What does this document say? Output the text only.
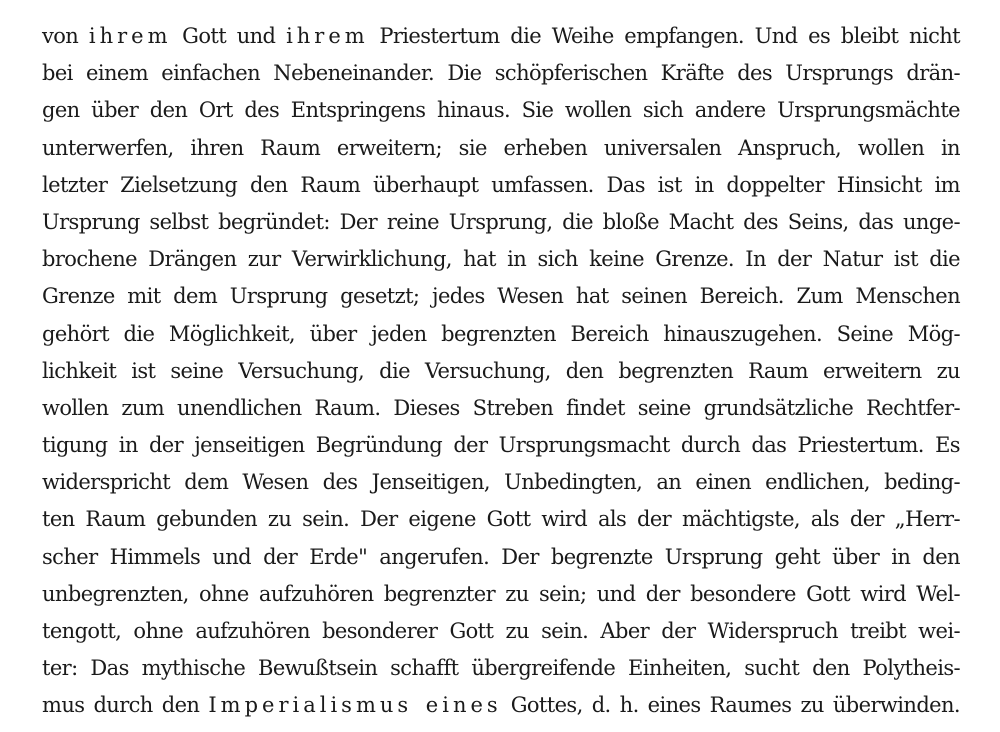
von ihrem Gott und ihrem Priestertum die Weihe empfangen. Und es bleibt nicht
bei einem einfachen Nebeneinander. Die schöpferischen Kräfte des Ursprungs drän-
gen über den Ort des Entspringens hinaus. Sie wollen sich andere Ursprungsmächte
unterwerfen, ihren Raum erweitern; sie erheben universalen Anspruch, wollen in
letzter Zielsetzung den Raum überhaupt umfassen. Das ist in doppelter Hinsicht im
Ursprung selbst begründet: Der reine Ursprung, die bloße Macht des Seins, das unge-
brochene Drängen zur Verwirklichung, hat in sich keine Grenze. In der Natur ist die
Grenze mit dem Ursprung gesetzt; jedes Wesen hat seinen Bereich. Zum Menschen
gehört die Möglichkeit, über jeden begrenzten Bereich hinauszugehen. Seine Mög-
lichkeit ist seine Versuchung, die Versuchung, den begrenzten Raum erweitern zu
wollen zum unendlichen Raum. Dieses Streben findet seine grundsätzliche Rechtfer-
tigung in der jenseitigen Begründung der Ursprungsmacht durch das Priestertum. Es
widerspricht dem Wesen des Jenseitigen, Unbedingten, an einen endlichen, beding-
ten Raum gebunden zu sein. Der eigene Gott wird als der mächtigste, als der „Herr-
scher Himmels und der Erde" angerufen. Der begrenzte Ursprung geht über in den
unbegrenzten, ohne aufzuhören begrenzter zu sein; und der besondere Gott wird Wel-
tengott, ohne aufzuhören besonderer Gott zu sein. Aber der Widerspruch treibt wei-
ter: Das mythische Bewußtsein schafft übergreifende Einheiten, sucht den Polytheis-
mus durch den Imperialismus eines Gottes, d. h. eines Raumes zu überwinden.
